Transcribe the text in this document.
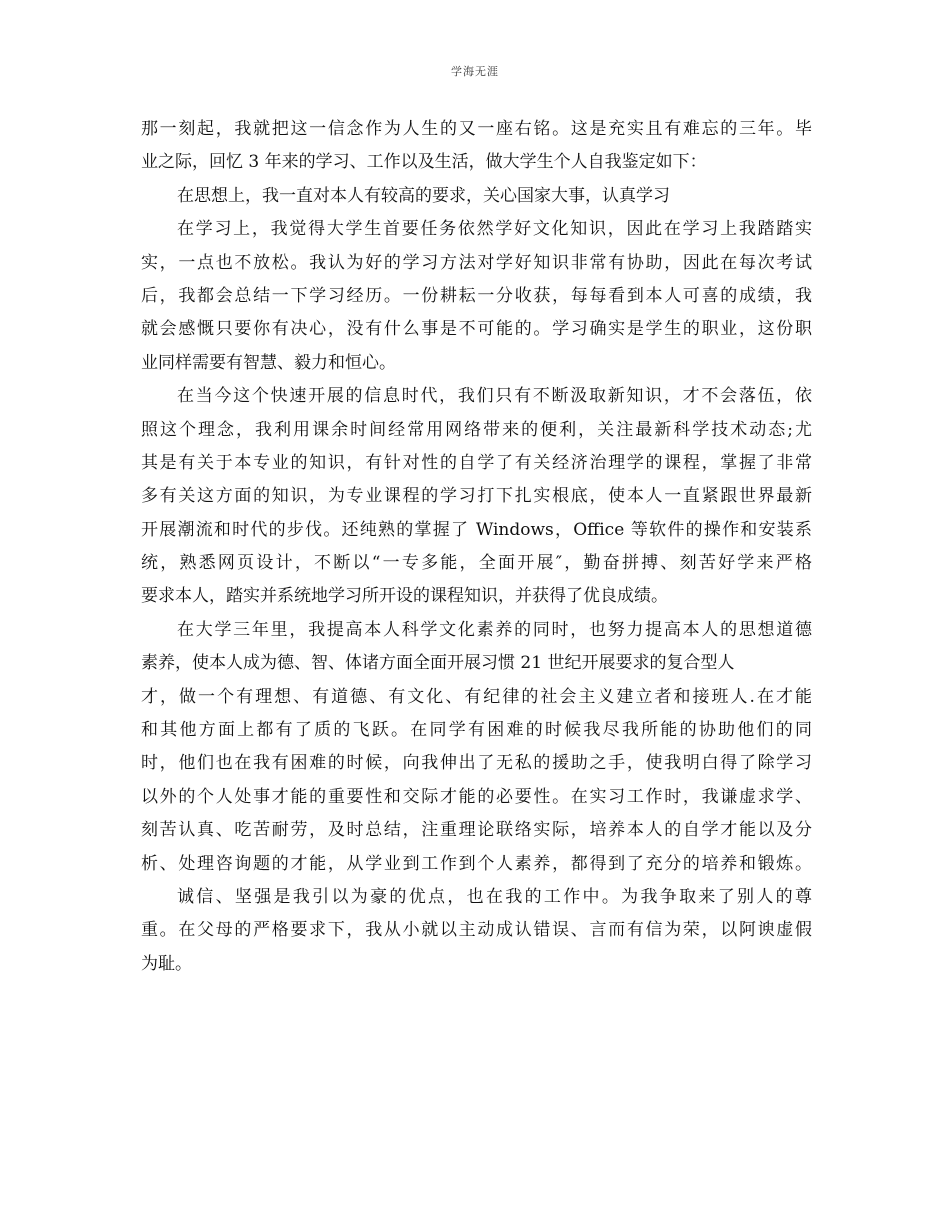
学海无涯
那一刻起，我就把这一信念作为人生的又一座右铭。这是充实且有难忘的三年。毕
业之际，回忆 3 年来的学习、工作以及生活，做大学生个人自我鉴定如下：
在思想上，我一直对本人有较高的要求，关心国家大事，认真学习
在学习上，我觉得大学生首要任务依然学好文化知识，因此在学习上我踏踏实
实，一点也不放松。我认为好的学习方法对学好知识非常有协助，因此在每次考试
后，我都会总结一下学习经历。一份耕耘一分收获，每每看到本人可喜的成绩，我
就会感慨只要你有决心，没有什么事是不可能的。学习确实是学生的职业，这份职
业同样需要有智慧、毅力和恒心。
在当今这个快速开展的信息时代，我们只有不断汲取新知识，才不会落伍，依
照这个理念，我利用课余时间经常用网络带来的便利，关注最新科学技术动态;尤
其是有关于本专业的知识，有针对性的自学了有关经济治理学的课程，掌握了非常
多有关这方面的知识，为专业课程的学习打下扎实根底，使本人一直紧跟世界最新
开展潮流和时代的步伐。还纯熟的掌握了 Windows，Office 等软件的操作和安装系
统，熟悉网页设计，不断以“一专多能，全面开展″，勤奋拼搏、刻苦好学来严格
要求本人，踏实并系统地学习所开设的课程知识，并获得了优良成绩。
在大学三年里，我提高本人科学文化素养的同时，也努力提高本人的思想道德
素养，使本人成为德、智、体诸方面全面开展习惯 21 世纪开展要求的复合型人
才，做一个有理想、有道德、有文化、有纪律的社会主义建立者和接班人.在才能
和其他方面上都有了质的飞跃。在同学有困难的时候我尽我所能的协助他们的同
时，他们也在我有困难的时候，向我伸出了无私的援助之手，使我明白得了除学习
以外的个人处事才能的重要性和交际才能的必要性。在实习工作时，我谦虚求学、
刻苦认真、吃苦耐劳，及时总结，注重理论联络实际，培养本人的自学才能以及分
析、处理咨询题的才能，从学业到工作到个人素养，都得到了充分的培养和锻炼。
诚信、坚强是我引以为豪的优点，也在我的工作中。为我争取来了别人的尊
重。在父母的严格要求下，我从小就以主动成认错误、言而有信为荣，以阿谀虚假
为耻。
